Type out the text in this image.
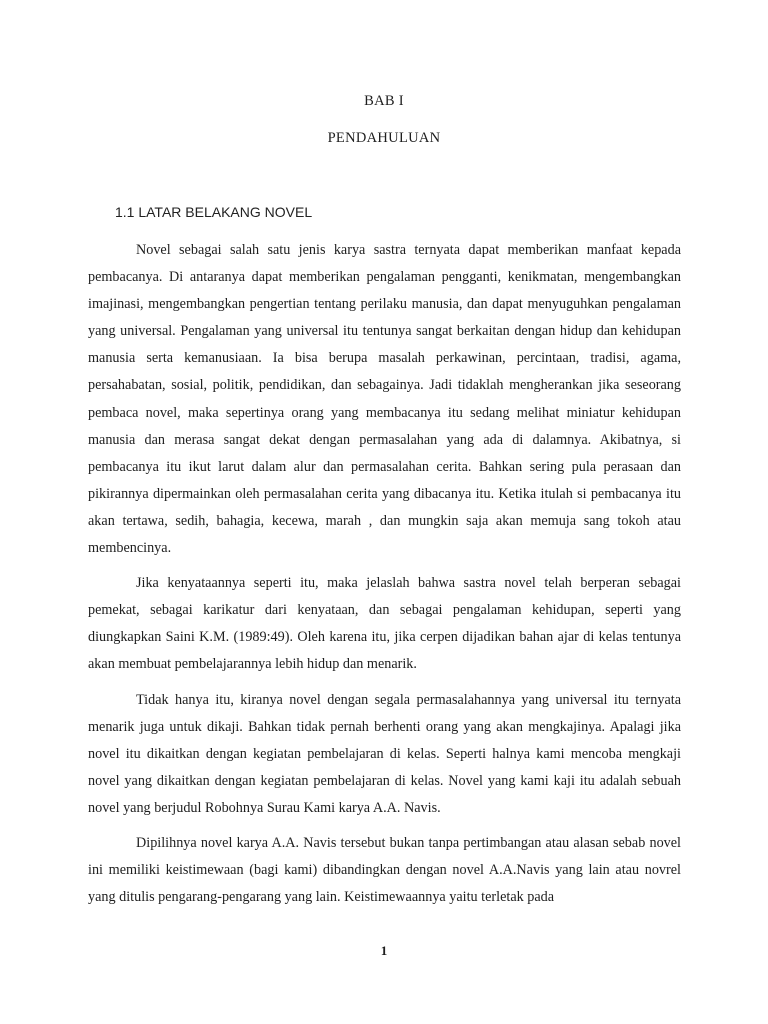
BAB I
PENDAHULUAN
1.1 LATAR BELAKANG NOVEL

Novel sebagai salah satu jenis karya sastra ternyata dapat memberikan manfaat kepada pembacanya. Di antaranya dapat memberikan pengalaman pengganti, kenikmatan, mengembangkan imajinasi, mengembangkan pengertian tentang perilaku manusia, dan dapat menyuguhkan pengalaman yang universal. Pengalaman yang universal itu tentunya sangat berkaitan dengan hidup dan kehidupan manusia serta kemanusiaan. Ia bisa berupa masalah perkawinan, percintaan, tradisi, agama, persahabatan, sosial, politik, pendidikan, dan sebagainya. Jadi tidaklah mengherankan jika seseorang pembaca novel, maka sepertinya orang yang membacanya itu sedang melihat miniatur kehidupan manusia dan merasa sangat dekat dengan permasalahan yang ada di dalamnya. Akibatnya, si pembacanya itu ikut larut dalam alur dan permasalahan cerita. Bahkan sering pula perasaan dan pikirannya dipermainkan oleh permasalahan cerita yang dibacanya itu. Ketika itulah si pembacanya itu akan tertawa, sedih, bahagia, kecewa, marah , dan mungkin saja akan memuja sang tokoh atau membencinya.

Jika kenyataannya seperti itu, maka jelaslah bahwa sastra novel telah berperan sebagai pemekat, sebagai karikatur dari kenyataan, dan sebagai pengalaman kehidupan, seperti yang diungkapkan Saini K.M. (1989:49). Oleh karena itu, jika cerpen dijadikan bahan ajar di kelas tentunya akan membuat pembelajarannya lebih hidup dan menarik.

Tidak hanya itu, kiranya novel dengan segala permasalahannya yang universal itu ternyata menarik juga untuk dikaji. Bahkan tidak pernah berhenti orang yang akan mengkajinya. Apalagi jika novel itu dikaitkan dengan kegiatan pembelajaran di kelas. Seperti halnya kami mencoba mengkaji novel yang dikaitkan dengan kegiatan pembelajaran di kelas. Novel yang kami kaji itu adalah sebuah novel yang berjudul Robohnya Surau Kami karya A.A. Navis.

Dipilihnya novel karya A.A. Navis tersebut bukan tanpa pertimbangan atau alasan sebab novel ini memiliki keistimewaan (bagi kami) dibandingkan dengan novel A.A.Navis yang lain atau novrel yang ditulis pengarang-pengarang yang lain. Keistimewaannya yaitu terletak pada

1
